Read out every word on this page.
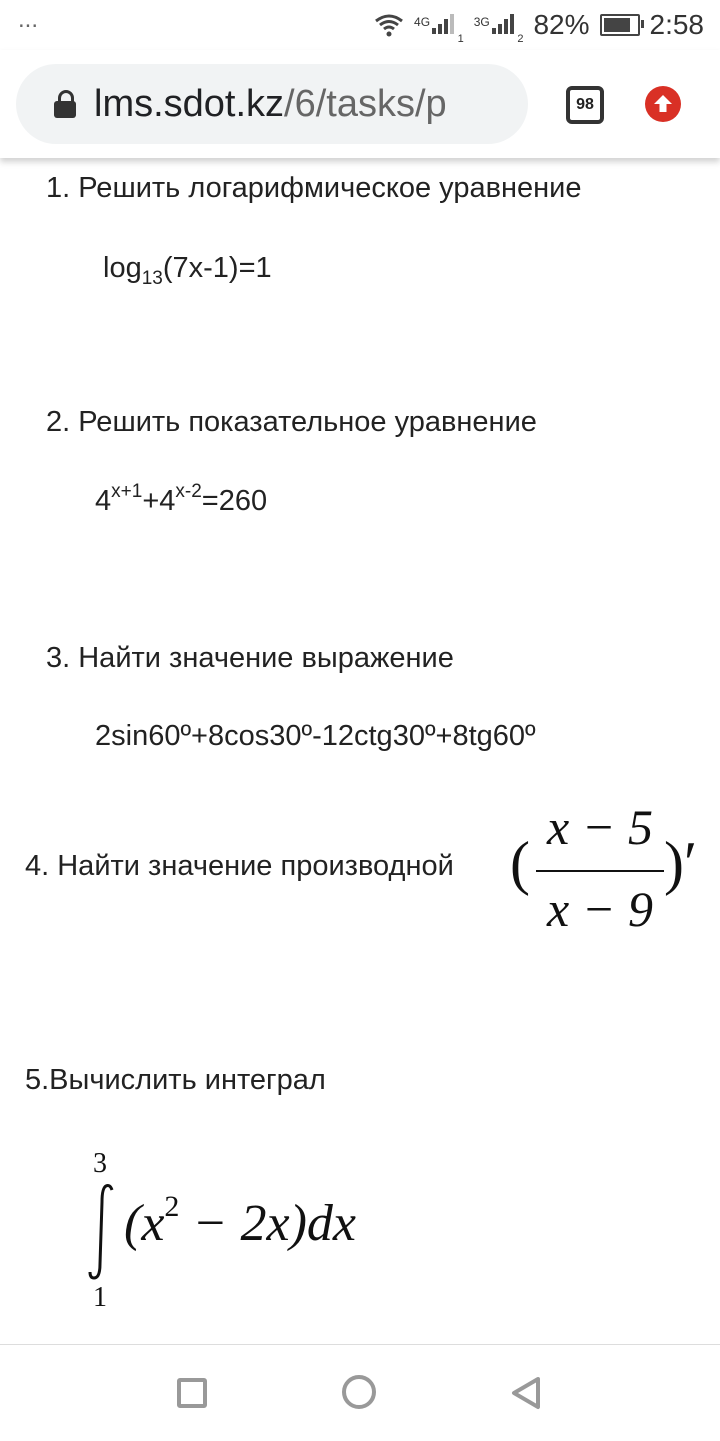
...	$^{4G}$
$_1$
$^{3G}$
$_2$ 82% 2:58
lms.sdot.kz/6/tasks/p	98
1. Решить логарифмическое уравнение
$\log_{13}(7x-1)=1$
2. Решить показательное уравнение
$4^{x+1}+4^{x-2}=260$
3. Найти значение выражение
2sin60º+8cos30º-12ctg30º+8tg60º
4. Найти значение производной (
x − 5
x − 9
)′
5.Вычислить интеграл
3
1
$(x^2 - 2x)dx$
